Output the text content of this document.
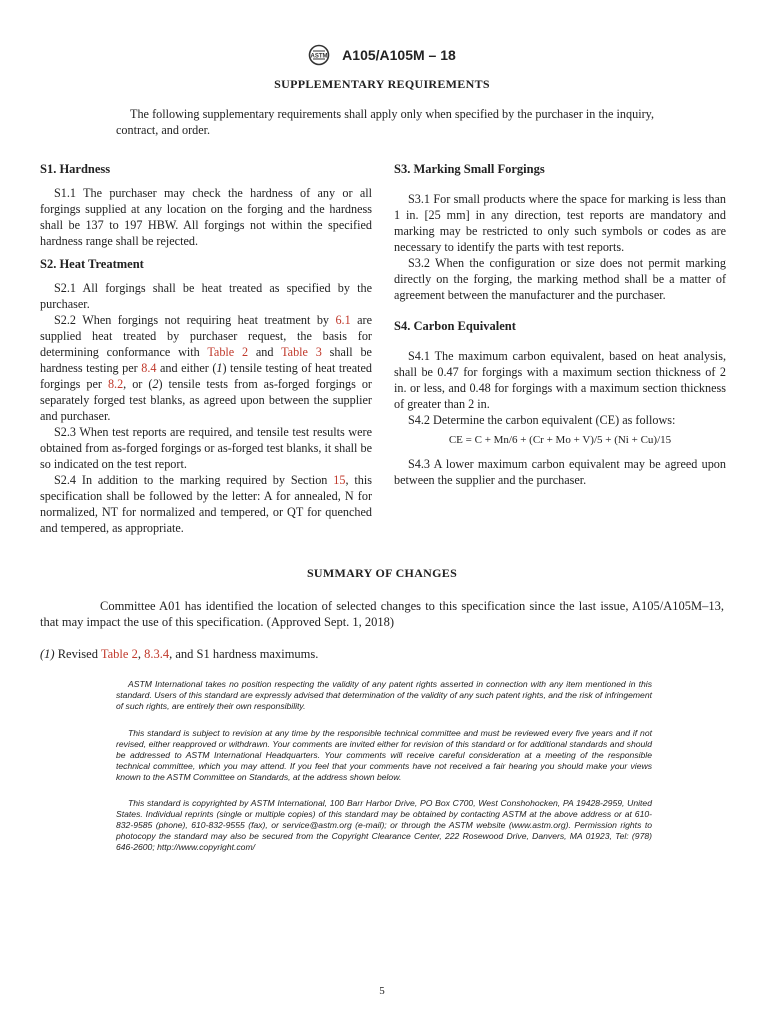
ASTM A105/A105M – 18
SUPPLEMENTARY REQUIREMENTS

The following supplementary requirements shall apply only when specified by the purchaser in the inquiry, contract, and order.

S1. Hardness

S1.1 The purchaser may check the hardness of any or all forgings supplied at any location on the forging and the hardness shall be 137 to 197 HBW. All forgings not within the specified hardness range shall be rejected.

S2. Heat Treatment

S2.1 All forgings shall be heat treated as specified by the purchaser.

S2.2 When forgings not requiring heat treatment by 6.1 are supplied heat treated by purchaser request, the basis for determining conformance with Table 2 and Table 3 shall be hardness testing per 8.4 and either (1) tensile testing of heat treated forgings per 8.2, or (2) tensile tests from as-forged forgings or separately forged test blanks, as agreed upon between the supplier and purchaser.

S2.3 When test reports are required, and tensile test results were obtained from as-forged forgings or as-forged test blanks, it shall be so indicated on the test report.

S2.4 In addition to the marking required by Section 15, this specification shall be followed by the letter: A for annealed, N for normalized, NT for normalized and tempered, or QT for quenched and tempered, as appropriate.

S3. Marking Small Forgings

S3.1 For small products where the space for marking is less than 1 in. [25 mm] in any direction, test reports are mandatory and marking may be restricted to only such symbols or codes as are necessary to identify the parts with test reports.

S3.2 When the configuration or size does not permit marking directly on the forging, the marking method shall be a matter of agreement between the manufacturer and the purchaser.

S4. Carbon Equivalent

S4.1 The maximum carbon equivalent, based on heat analysis, shall be 0.47 for forgings with a maximum section thickness of 2 in. or less, and 0.48 for forgings with a maximum section thickness of greater than 2 in.

S4.2 Determine the carbon equivalent (CE) as follows:

CE = C + Mn/6 + (Cr + Mo + V)/5 + (Ni + Cu)/15

S4.3 A lower maximum carbon equivalent may be agreed upon between the supplier and the purchaser.

SUMMARY OF CHANGES

Committee A01 has identified the location of selected changes to this specification since the last issue, A105/A105M–13, that may impact the use of this specification. (Approved Sept. 1, 2018)

(1) Revised Table 2, 8.3.4, and S1 hardness maximums.

ASTM International takes no position respecting the validity of any patent rights asserted in connection with any item mentioned in this standard. Users of this standard are expressly advised that determination of the validity of any such patent rights, and the risk of infringement of such rights, are entirely their own responsibility.

This standard is subject to revision at any time by the responsible technical committee and must be reviewed every five years and if not revised, either reapproved or withdrawn. Your comments are invited either for revision of this standard or for additional standards and should be addressed to ASTM International Headquarters. Your comments will receive careful consideration at a meeting of the responsible technical committee, which you may attend. If you feel that your comments have not received a fair hearing you should make your views known to the ASTM Committee on Standards, at the address shown below.

This standard is copyrighted by ASTM International, 100 Barr Harbor Drive, PO Box C700, West Conshohocken, PA 19428-2959, United States. Individual reprints (single or multiple copies) of this standard may be obtained by contacting ASTM at the above address or at 610-832-9585 (phone), 610-832-9555 (fax), or service@astm.org (e-mail); or through the ASTM website (www.astm.org). Permission rights to photocopy the standard may also be secured from the Copyright Clearance Center, 222 Rosewood Drive, Danvers, MA 01923, Tel: (978) 646-2600; http://www.copyright.com/

5
